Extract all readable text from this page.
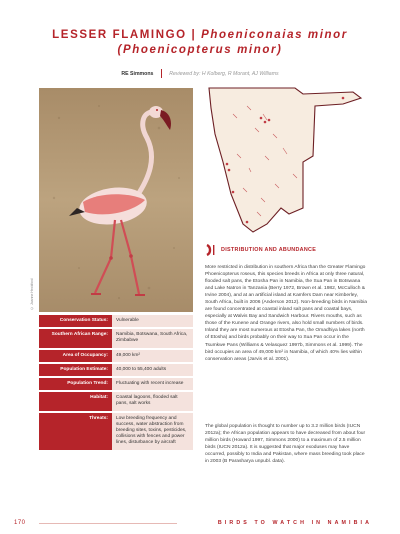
LESSER FLAMINGO | Phoeniconaias minor
(Phoenicopterus minor)
RE Simmons	Reviewed by: H Kolberg, R Morant, AJ Williams
© Joanne Heckford
Conservation Status:	Vulnerable
Southern African Range:	Namibia, Botswana, South Africa, Zimbabwe
Area of Occupancy:	49,000 km²
Population Estimate:	40,000 to 55,400 adults
Population Trend:	Fluctuating with recent increase
Habitat:	Coastal lagoons, flooded salt pans, salt works
Threats:	Low breeding frequency and success, water abstraction from breeding sites, toxins, pesticides, collisions with fences and power lines, disturbance by aircraft
DISTRIBUTION AND ABUNDANCE

More restricted in distribution in southern Africa than the Greater Flamingo Phoenicopterus roseus, this species breeds in Africa at only three natural, flooded salt pans, the Etosha Pan in Namibia, the Sua Pan in Botswana and Lake Natron in Tanzania (Berry 1972, Brown et al. 1982, McCulloch & Irvine 2004), and at an artificial island at Kamfers Dam near Kimberley, South Africa, built in 2006 (Anderson 2012). Non-breeding birds in Namibia are found concentrated at coastal inland salt pans and coastal bays, especially at Walvis Bay and Sandwich Harbour. Rivers mouths, such as those of the Kunene and Orange rivers, also hold small numbers of birds. Inland they are most numerous at Etosha Pan, the Omadhiya lakes (north of Etosha) and birds probably on their way to Sua Pan occur in the Tsumkwe Pans (Williams & Velasquez 1997b, Simmons et al. 1999). The bird occupies an area of 49,000 km² in Namibia, of which 40% lies within conservation areas (Jarvis et al. 2001).

The global population is thought to number up to 3.2 million birds (IUCN 2012a); the African population appears to have decreased from about four million birds (Howard 1997, Simmons 2000) to a maximum of 2.5 million birds (IUCN 2012a). It is suggested that major exoduses may have occurred, possibly to India and Pakistan, where mass breeding took place in 2003 (B Parasharya unpubl. data).

170	BIRDS TO WATCH IN NAMIBIA
